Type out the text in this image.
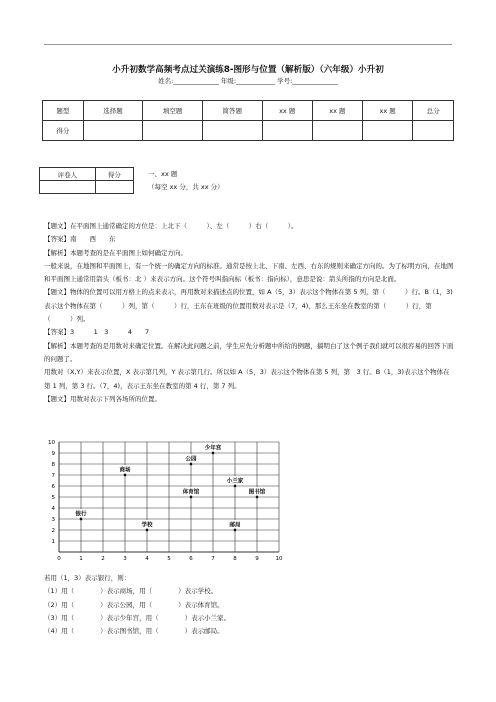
小升初数学高频考点过关演练8-图形与位置（解析版）（六年级）小升初
姓名:______________ 年级:____________ 学号:______________
题型	选择题	填空题	简答题	xx 题	xx 题	xx 题	总分
得分							
评卷人	得分
		一、xx 题
（每空 xx 分，共 xx 分）

【题文】在平面图上通常确定的方位是：上北下（　　　）、左（　　　）右（　　　）。

【答案】南　　西　　东

【解析】本题考查的是在平面图上如何确定方向。

一般来说，在地图和平面图上，有一个统一的确定方向的标准。通常是按上北、下南、左西、右东的规则来确定方向的。为了标明方向，在地图和平面图上通常用箭头（板书：北 ）来表示方向。这个符号叫指向标（板书：指向标），意思是说：箭头所指的方向是北面。

【题文】物体的位置可以用方格上的点来表示，再用数对来描述点的位置，如 A（5，3）表示这个物体在第 5 列，第（　　　）行。B（1，3)表示这个物体在第（　　　）列，第（　　　）行，王东在班级的位置用数对表示是（7，4)，那么王东坐在教室的第（　　　）行，第（　　　）列。

【答案】3　　　1　3　　　4　　7

【解析】本题考查的是用数对来确定位置。在解决此问题之前，学生应先分析题中所给的例题，搞明白了这个例子我们就可以很容易的回答下面的问题了。

用数对（X,Y）来表示位置，X 表示第几列，Y 表示第几行。所以如 A（5，3）表示这个物体在第 5 列，第　3 行。B（1，3)表示这个物体在第 1 列，第 3 行。（7，4)，表示王东坐在教室的第 4 行，第 7 列。

【题文】用数对表示下列各场所的位置。

0	1	2	3	4	5	6	7	8	9	10
1
2
3
4
5
6
7
8
9
10
少年宫
公园
商场
小兰家
体育馆	图书馆
银行
学校	邮局

若用（1，3）表示银行，则：

（1）用（　　　　）表示商场，用（　　　　）表示学校。

（2）用（　　　　）表示公园，用（　　　　）表示体育馆。

（3）用（　　　　）表示少年宫，用（　　　　）表示小兰家。

（4）用（　　　　）表示图书馆，用（　　　　）表示邮局。
